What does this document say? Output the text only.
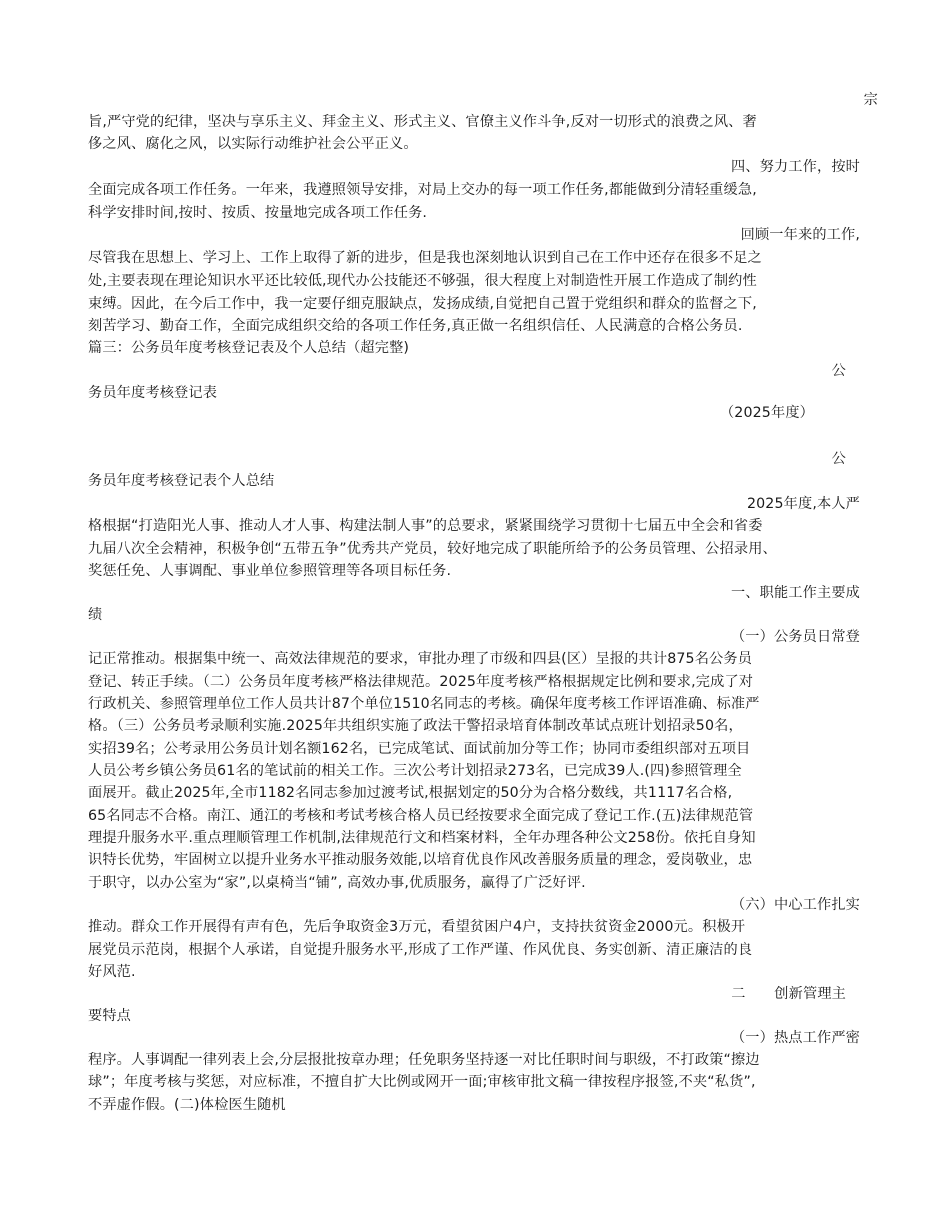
宗
旨,严守党的纪律，坚决与享乐主义、拜金主义、形式主义、官僚主义作斗争,反对一切形式的浪费之风、奢
侈之风、腐化之风，以实际行动维护社会公平正义。
四、努力工作，按时
全面完成各项工作任务。一年来，我遵照领导安排，对局上交办的每一项工作任务,都能做到分清轻重缓急,
科学安排时间,按时、按质、按量地完成各项工作任务.
回顾一年来的工作,
尽管我在思想上、学习上、工作上取得了新的进步，但是我也深刻地认识到自己在工作中还存在很多不足之
处,主要表现在理论知识水平还比较低,现代办公技能还不够强，很大程度上对制造性开展工作造成了制约性
束缚。因此，在今后工作中，我一定要仔细克服缺点，发扬成绩,自觉把自己置于党组织和群众的监督之下,
刻苦学习、勤奋工作，全面完成组织交给的各项工作任务,真正做一名组织信任、人民满意的合格公务员.
篇三：公务员年度考核登记表及个人总结（超完整)
公
务员年度考核登记表
（2025年度）
公
务员年度考核登记表个人总结
2025年度,本人严
格根据“打造阳光人事、推动人才人事、构建法制人事”的总要求，紧紧围绕学习贯彻十七届五中全会和省委
九届八次全会精神，积极争创“五带五争”优秀共产党员，较好地完成了职能所给予的公务员管理、公招录用、
奖惩任免、人事调配、事业单位参照管理等各项目标任务.
一、职能工作主要成
绩
（一）公务员日常登
记正常推动。根据集中统一、高效法律规范的要求，审批办理了市级和四县(区）呈报的共计875名公务员
登记、转正手续。（二）公务员年度考核严格法律规范。2025年度考核严格根据规定比例和要求,完成了对
行政机关、参照管理单位工作人员共计87个单位1510名同志的考核。确保年度考核工作评语准确、标准严
格。（三）公务员考录顺利实施.2025年共组织实施了政法干警招录培育体制改革试点班计划招录50名，
实招39名；公考录用公务员计划名额162名，已完成笔试、面试前加分等工作；协同市委组织部对五项目
人员公考乡镇公务员61名的笔试前的相关工作。三次公考计划招录273名，已完成39人.(四)参照管理全
面展开。截止2025年,全市1182名同志参加过渡考试,根据划定的50分为合格分数线，共1117名合格,
65名同志不合格。南江、通江的考核和考试考核合格人员已经按要求全面完成了登记工作.(五)法律规范管
理提升服务水平.重点理顺管理工作机制,法律规范行文和档案材料，全年办理各种公文258份。依托自身知
识特长优势，牢固树立以提升业务水平推动服务效能,以培育优良作风改善服务质量的理念，爱岗敬业，忠
于职守，以办公室为“家”,以桌椅当“铺”, 高效办事,优质服务，赢得了广泛好评.
（六）中心工作扎实
推动。群众工作开展得有声有色，先后争取资金3万元，看望贫困户4户，支持扶贫资金2000元。积极开
展党员示范岗，根据个人承诺，自觉提升服务水平,形成了工作严谨、作风优良、务实创新、清正廉洁的良
好风范.
二　　创新管理主
要特点
（一）热点工作严密
程序。人事调配一律列表上会,分层报批按章办理；任免职务坚持逐一对比任职时间与职级，不打政策“擦边
球”；年度考核与奖惩，对应标准，不擅自扩大比例或网开一面;审核审批文稿一律按程序报签,不夹“私货”,
不弄虚作假。(二)体检医生随机
